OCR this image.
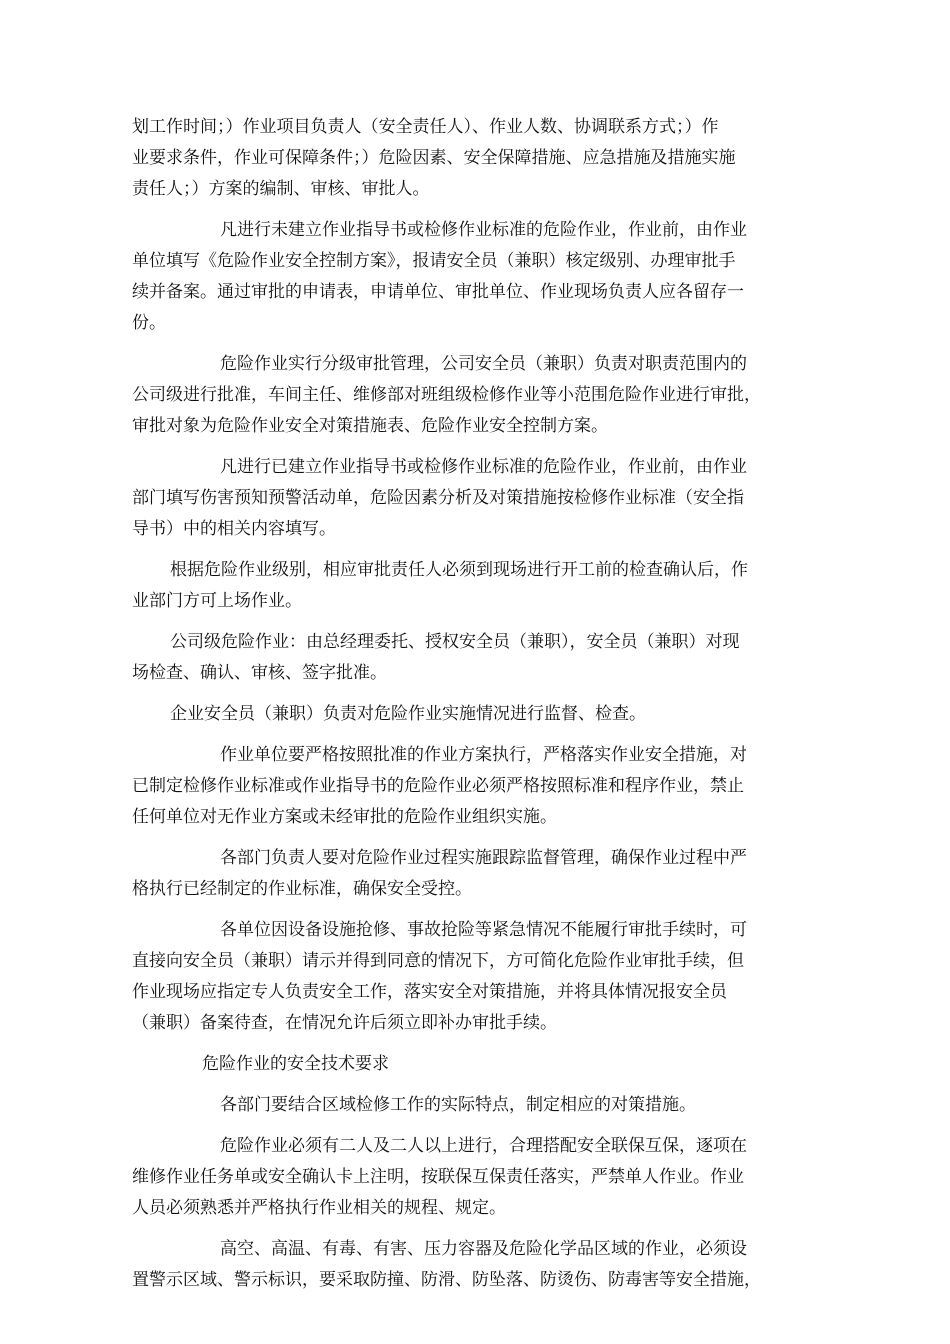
划工作时间；）作业项目负责人（安全责任人）、作业人数、协调联系方式；）作
业要求条件，作业可保障条件；）危险因素、安全保障措施、应急措施及措施实施
责任人；）方案的编制、审核、审批人。
凡进行未建立作业指导书或检修作业标准的危险作业，作业前，由作业
单位填写《危险作业安全控制方案》，报请安全员（兼职）核定级别、办理审批手
续并备案。通过审批的申请表，申请单位、审批单位、作业现场负责人应各留存一
份。
危险作业实行分级审批管理，公司安全员（兼职）负责对职责范围内的
公司级进行批准，车间主任、维修部对班组级检修作业等小范围危险作业进行审批，
审批对象为危险作业安全对策措施表、危险作业安全控制方案。
凡进行已建立作业指导书或检修作业标准的危险作业，作业前，由作业
部门填写伤害预知预警活动单，危险因素分析及对策措施按检修作业标准（安全指
导书）中的相关内容填写。
根据危险作业级别，相应审批责任人必须到现场进行开工前的检查确认后，作
业部门方可上场作业。
公司级危险作业：由总经理委托、授权安全员（兼职），安全员（兼职）对现
场检查、确认、审核、签字批准。
企业安全员（兼职）负责对危险作业实施情况进行监督、检查。
作业单位要严格按照批准的作业方案执行，严格落实作业安全措施，对
已制定检修作业标准或作业指导书的危险作业必须严格按照标准和程序作业，禁止
任何单位对无作业方案或未经审批的危险作业组织实施。
各部门负责人要对危险作业过程实施跟踪监督管理，确保作业过程中严
格执行已经制定的作业标准，确保安全受控。
各单位因设备设施抢修、事故抢险等紧急情况不能履行审批手续时，可
直接向安全员（兼职）请示并得到同意的情况下，方可简化危险作业审批手续，但
作业现场应指定专人负责安全工作，落实安全对策措施，并将具体情况报安全员
（兼职）备案待查，在情况允许后须立即补办审批手续。
危险作业的安全技术要求
各部门要结合区域检修工作的实际特点，制定相应的对策措施。
危险作业必须有二人及二人以上进行，合理搭配安全联保互保，逐项在
维修作业任务单或安全确认卡上注明，按联保互保责任落实，严禁单人作业。作业
人员必须熟悉并严格执行作业相关的规程、规定。
高空、高温、有毒、有害、压力容器及危险化学品区域的作业，必须设
置警示区域、警示标识，要采取防撞、防滑、防坠落、防烫伤、防毒害等安全措施，
